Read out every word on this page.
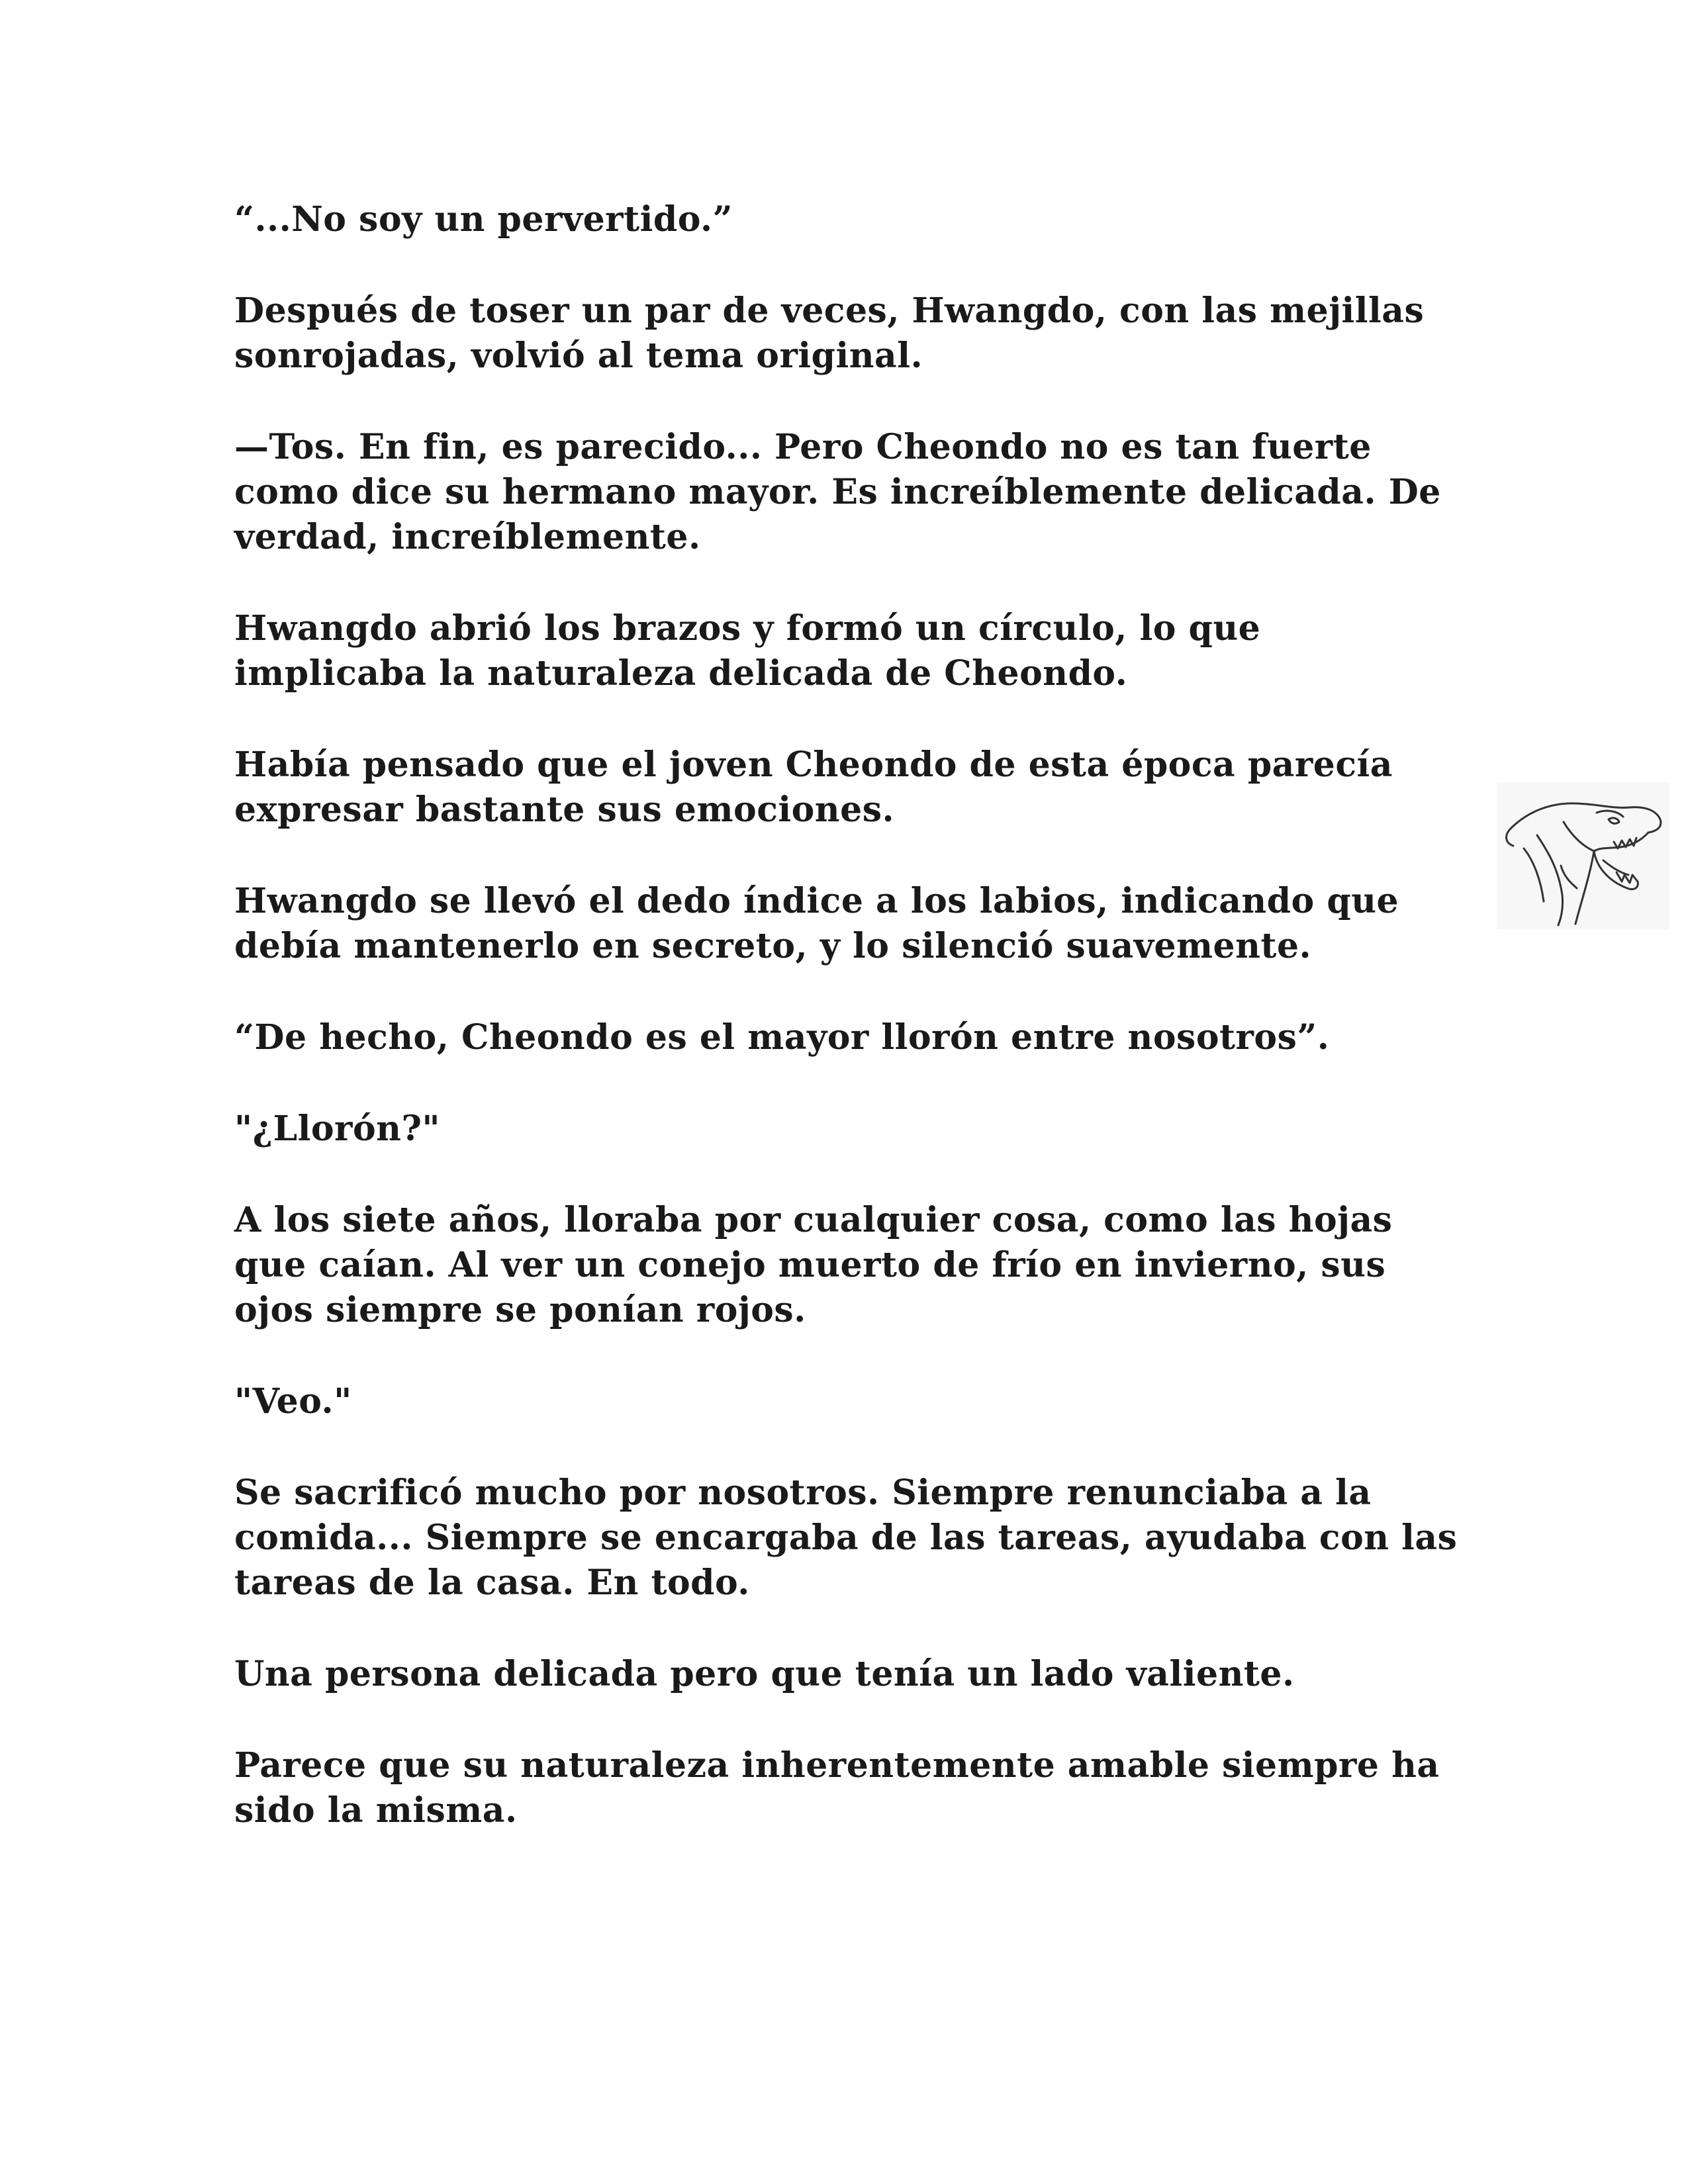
“...No soy un pervertido.”

Después de toser un par de veces, Hwangdo, con las mejillas
sonrojadas, volvió al tema original.

—Tos. En fin, es parecido... Pero Cheondo no es tan fuerte
como dice su hermano mayor. Es increíblemente delicada. De
verdad, increíblemente.

Hwangdo abrió los brazos y formó un círculo, lo que
implicaba la naturaleza delicada de Cheondo.

Había pensado que el joven Cheondo de esta época parecía
expresar bastante sus emociones.

Hwangdo se llevó el dedo índice a los labios, indicando que
debía mantenerlo en secreto, y lo silenció suavemente.

“De hecho, Cheondo es el mayor llorón entre nosotros”.

"¿Llorón?"

A los siete años, lloraba por cualquier cosa, como las hojas
que caían. Al ver un conejo muerto de frío en invierno, sus
ojos siempre se ponían rojos.

"Veo."

Se sacrificó mucho por nosotros. Siempre renunciaba a la
comida... Siempre se encargaba de las tareas, ayudaba con las
tareas de la casa. En todo.

Una persona delicada pero que tenía un lado valiente.

Parece que su naturaleza inherentemente amable siempre ha
sido la misma.
